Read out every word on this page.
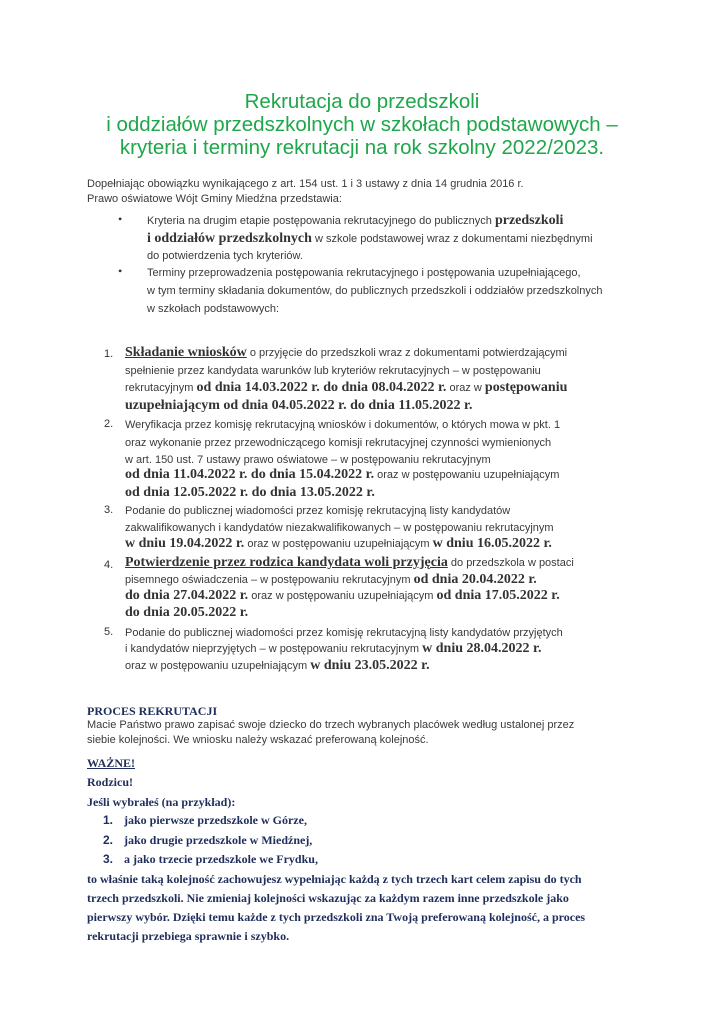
Rekrutacja do przedszkoli
i oddziałów przedszkolnych w szkołach podstawowych –
kryteria i terminy rekrutacji na rok szkolny 2022/2023.
Dopełniając obowiązku wynikającego z art. 154 ust. 1 i 3 ustawy z dnia 14 grudnia 2016 r.
Prawo oświatowe Wójt Gminy Miedźna przedstawia:
• Kryteria na drugim etapie postępowania rekrutacyjnego do publicznych przedszkoli
i oddziałów przedszkolnych w szkole podstawowej wraz z dokumentami niezbędnymi
do potwierdzenia tych kryteriów.
•	Terminy przeprowadzenia postępowania rekrutacyjnego i postępowania uzupełniającego,
w tym terminy składania dokumentów, do publicznych przedszkoli i oddziałów przedszkolnych
w szkołach podstawowych:
1. Składanie wniosków o przyjęcie do przedszkoli wraz z dokumentami potwierdzającymi
spełnienie przez kandydata warunków lub kryteriów rekrutacyjnych – w postępowaniu
rekrutacyjnym od dnia 14.03.2022 r. do dnia 08.04.2022 r. oraz w postępowaniu
uzupełniającym od dnia 04.05.2022 r. do dnia 11.05.2022 r.
2. Weryfikacja przez komisję rekrutacyjną wniosków i dokumentów, o których mowa w pkt. 1
oraz wykonanie przez przewodniczącego komisji rekrutacyjnej czynności wymienionych
w art. 150 ust. 7 ustawy prawo oświatowe – w postępowaniu rekrutacyjnym
od dnia 11.04.2022 r. do dnia 15.04.2022 r. oraz w postępowaniu uzupełniającym
od dnia 12.05.2022 r. do dnia 13.05.2022 r.
3. Podanie do publicznej wiadomości przez komisję rekrutacyjną listy kandydatów
zakwalifikowanych i kandydatów niezakwalifikowanych – w postępowaniu rekrutacyjnym
w dniu 19.04.2022 r. oraz w postępowaniu uzupełniającym w dniu 16.05.2022 r.
4. Potwierdzenie przez rodzica kandydata woli przyjęcia do przedszkola w postaci
pisemnego oświadczenia – w postępowaniu rekrutacyjnym od dnia 20.04.2022 r.
do dnia 27.04.2022 r. oraz w postępowaniu uzupełniającym od dnia 17.05.2022 r.
do dnia 20.05.2022 r.
5. Podanie do publicznej wiadomości przez komisję rekrutacyjną listy kandydatów przyjętych
i kandydatów nieprzyjętych – w postępowaniu rekrutacyjnym w dniu 28.04.2022 r.
oraz w postępowaniu uzupełniającym w dniu 23.05.2022 r.
PROCES REKRUTACJI
Macie Państwo prawo zapisać swoje dziecko do trzech wybranych placówek według ustalonej przez
siebie kolejności. We wniosku należy wskazać preferowaną kolejność.
WAŻNE!
Rodzicu!
Jeśli wybrałeś (na przykład):
1. jako pierwsze przedszkole w Górze,
2. jako drugie przedszkole w Miedźnej,
3. a jako trzecie przedszkole we Frydku,
to właśnie taką kolejność zachowujesz wypełniając każdą z tych trzech kart celem zapisu do tych
trzech przedszkoli. Nie zmieniaj kolejności wskazując za każdym razem inne przedszkole jako
pierwszy wybór. Dzięki temu każde z tych przedszkoli zna Twoją preferowaną kolejność, a proces
rekrutacji przebiega sprawnie i szybko.
